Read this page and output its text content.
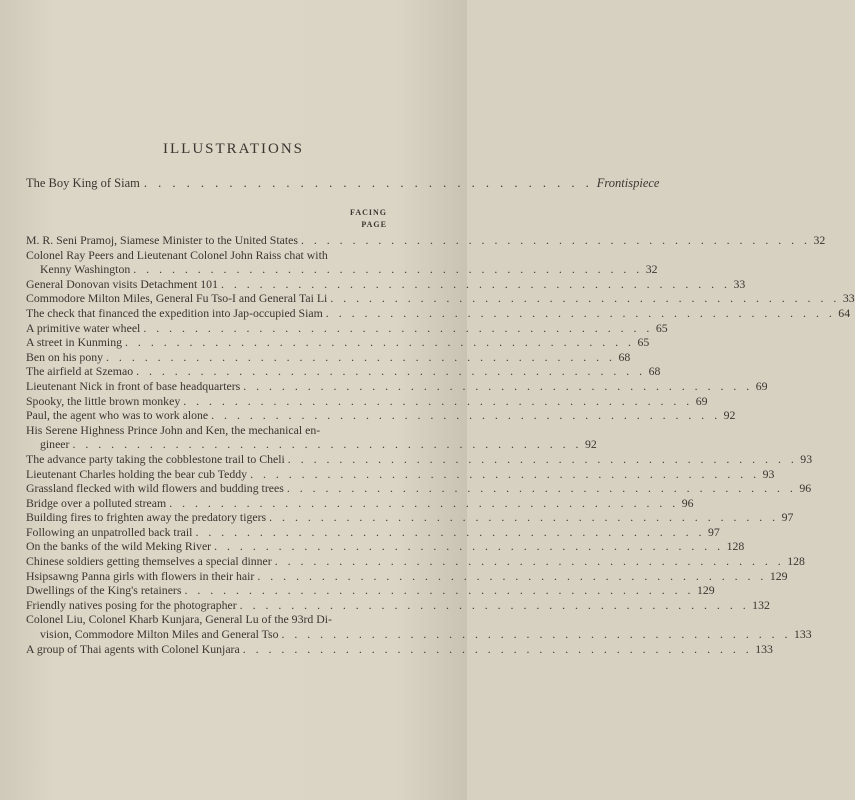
ILLUSTRATIONS
The Boy King of Siam . . . . . . . . . . . . . . . . . . . . . . . . . . . . . . . . Frontispiece
FACING
PAGE
M. R. Seni Pramoj, Siamese Minister to the United States . . . . . . . . . . . . . . . . . . . . . . . . . . . . . . . . . . . . . . . . 32
Colonel Ray Peers and Lieutenant Colonel John Raiss chat with
Kenny Washington . . . . . . . . . . . . . . . . . . . . . . . . . . . . . . . . . . . . . . . . 32
General Donovan visits Detachment 101 . . . . . . . . . . . . . . . . . . . . . . . . . . . . . . . . . . . . . . . . 33
Commodore Milton Miles, General Fu Tso-I and General Tai Li . . . . . . . . . . . . . . . . . . . . . . . . . . . . . . . . . . . . . . . . 33
The check that financed the expedition into Jap-occupied Siam . . . . . . . . . . . . . . . . . . . . . . . . . . . . . . . . . . . . . . . . 64
A primitive water wheel . . . . . . . . . . . . . . . . . . . . . . . . . . . . . . . . . . . . . . . . 65
A street in Kunming . . . . . . . . . . . . . . . . . . . . . . . . . . . . . . . . . . . . . . . . 65
Ben on his pony . . . . . . . . . . . . . . . . . . . . . . . . . . . . . . . . . . . . . . . . 68
The airfield at Szemao . . . . . . . . . . . . . . . . . . . . . . . . . . . . . . . . . . . . . . . . 68
Lieutenant Nick in front of base headquarters . . . . . . . . . . . . . . . . . . . . . . . . . . . . . . . . . . . . . . . . 69
Spooky, the little brown monkey . . . . . . . . . . . . . . . . . . . . . . . . . . . . . . . . . . . . . . . . 69
Paul, the agent who was to work alone . . . . . . . . . . . . . . . . . . . . . . . . . . . . . . . . . . . . . . . . 92
His Serene Highness Prince John and Ken, the mechanical en-
gineer . . . . . . . . . . . . . . . . . . . . . . . . . . . . . . . . . . . . . . . . 92
The advance party taking the cobblestone trail to Cheli . . . . . . . . . . . . . . . . . . . . . . . . . . . . . . . . . . . . . . . . 93
Lieutenant Charles holding the bear cub Teddy . . . . . . . . . . . . . . . . . . . . . . . . . . . . . . . . . . . . . . . . 93
Grassland flecked with wild flowers and budding trees . . . . . . . . . . . . . . . . . . . . . . . . . . . . . . . . . . . . . . . . 96
Bridge over a polluted stream . . . . . . . . . . . . . . . . . . . . . . . . . . . . . . . . . . . . . . . . 96
Building fires to frighten away the predatory tigers . . . . . . . . . . . . . . . . . . . . . . . . . . . . . . . . . . . . . . . . 97
Following an unpatrolled back trail . . . . . . . . . . . . . . . . . . . . . . . . . . . . . . . . . . . . . . . . 97
On the banks of the wild Meking River . . . . . . . . . . . . . . . . . . . . . . . . . . . . . . . . . . . . . . . . 128
Chinese soldiers getting themselves a special dinner . . . . . . . . . . . . . . . . . . . . . . . . . . . . . . . . . . . . . . . . 128
Hsipsawng Panna girls with flowers in their hair . . . . . . . . . . . . . . . . . . . . . . . . . . . . . . . . . . . . . . . . 129
Dwellings of the King's retainers . . . . . . . . . . . . . . . . . . . . . . . . . . . . . . . . . . . . . . . . 129
Friendly natives posing for the photographer . . . . . . . . . . . . . . . . . . . . . . . . . . . . . . . . . . . . . . . . 132
Colonel Liu, Colonel Kharb Kunjara, General Lu of the 93rd Di-
vision, Commodore Milton Miles and General Tso . . . . . . . . . . . . . . . . . . . . . . . . . . . . . . . . . . . . . . . . 133
A group of Thai agents with Colonel Kunjara . . . . . . . . . . . . . . . . . . . . . . . . . . . . . . . . . . . . . . . . 133
